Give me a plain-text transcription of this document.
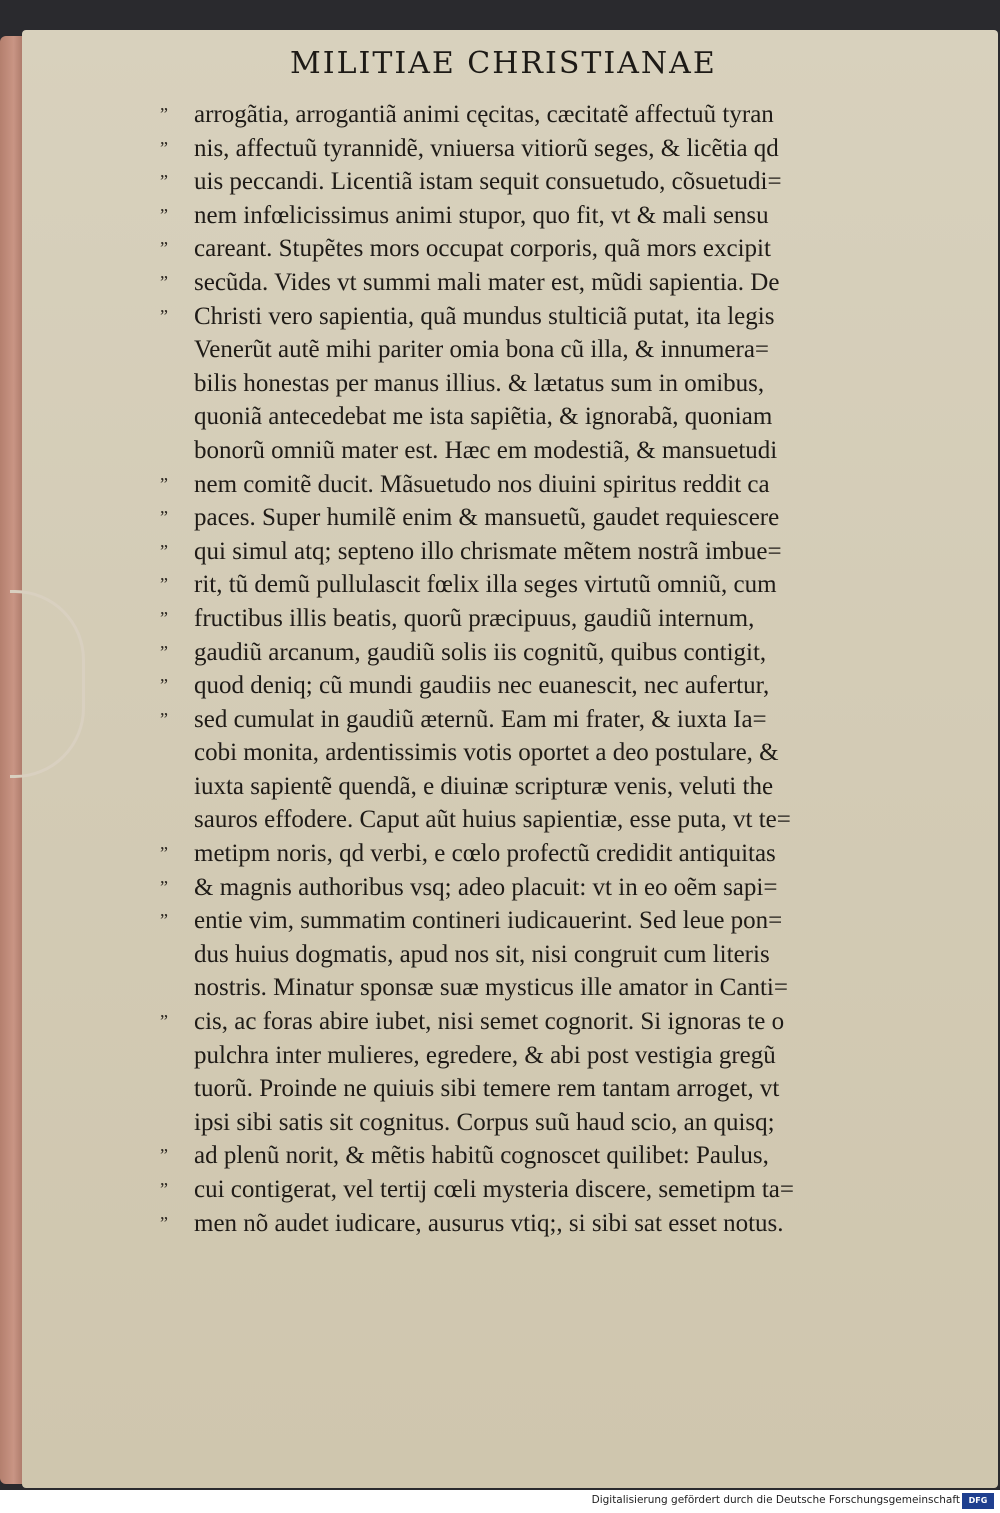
MILITIAE CHRISTIANAE
”	arrogãtia, arrogantiã animi cęcitas, cæcitatẽ affectuũ tyran
”	nis, affectuũ tyrannidẽ, vniuersa vitiorũ seges, & licẽtia qd
”	uis peccandi. Licentiã istam sequit consuetudo, cõsuetudi=
”	nem infœlicissimus animi stupor, quo fit, vt & mali sensu
”	careant. Stupẽtes mors occupat corporis, quã mors excipit
”	secũda. Vides vt summi mali mater est, mũdi sapientia. De
”	Christi vero sapientia, quã mundus stulticiã putat, ita legis
Venerũt autẽ mihi pariter omia bona cũ illa, & innumera=
bilis honestas per manus illius. & lætatus sum in omibus,
quoniã antecedebat me ista sapiẽtia, & ignorabã, quoniam
bonorũ omniũ mater est. Hæc em modestiã, & mansuetudi
”	nem comitẽ ducit. Mãsuetudo nos diuini spiritus reddit ca
”	paces. Super humilẽ enim & mansuetũ, gaudet requiescere
”	qui simul atq; septeno illo chrismate mẽtem nostrã imbue=
”	rit, tũ demũ pullulascit fœlix illa seges virtutũ omniũ, cum
”	fructibus illis beatis, quorũ præcipuus, gaudiũ internum,
”	gaudiũ arcanum, gaudiũ solis iis cognitũ, quibus contigit,
”	quod deniq; cũ mundi gaudiis nec euanescit, nec aufertur,
”	sed cumulat in gaudiũ æternũ. Eam mi frater, & iuxta Ia=
cobi monita, ardentissimis votis oportet a deo postulare, &
iuxta sapientẽ quendã, e diuinæ scripturæ venis, veluti the
sauros effodere. Caput aũt huius sapientiæ, esse puta, vt te=
”	metipm noris, qd verbi, e cœlo profectũ credidit antiquitas
”	& magnis authoribus vsq; adeo placuit: vt in eo oẽm sapi=
”	entie vim, summatim contineri iudicauerint. Sed leue pon=
dus huius dogmatis, apud nos sit, nisi congruit cum literis
nostris. Minatur sponsæ suæ mysticus ille amator in Canti=
”	cis, ac foras abire iubet, nisi semet cognorit. Si ignoras te o
pulchra inter mulieres, egredere, & abi post vestigia gregũ
tuorũ. Proinde ne quiuis sibi temere rem tantam arroget, vt
ipsi sibi satis sit cognitus. Corpus suũ haud scio, an quisq;
”	ad plenũ norit, & mẽtis habitũ cognoscet quilibet: Paulus,
”	cui contigerat, vel tertij cœli mysteria discere, semetipm ta=
”	men nõ audet iudicare, ausurus vtiq;, si sibi sat esset notus.
Digitalisierung gefördert durch die Deutsche Forschungsgemeinschaft	DFG
